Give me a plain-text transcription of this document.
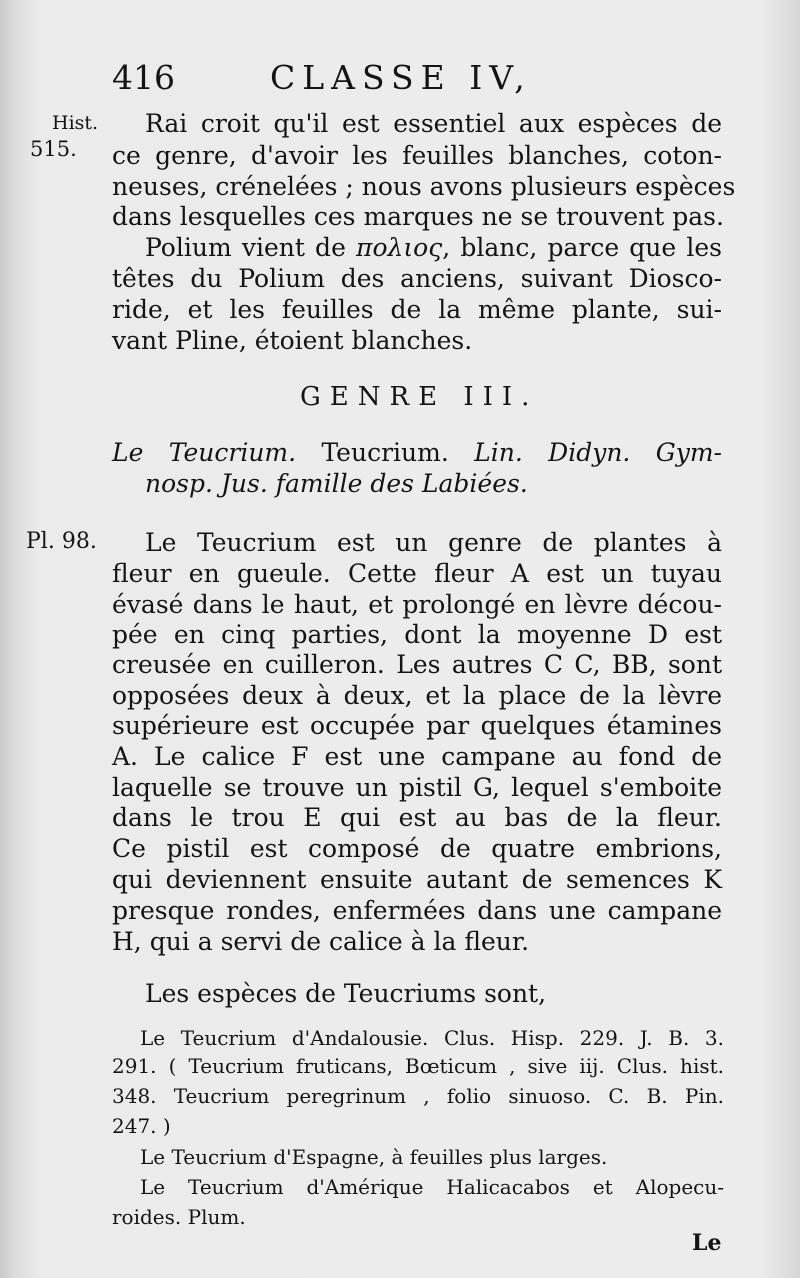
416	CLASSE IV,
Hist.
515.
Pl. 98.
Rai croit qu'il est essentiel aux espèces de
ce genre, d'avoir les feuilles blanches, coton-
neuses, crénelées ; nous avons plusieurs espèces
dans lesquelles ces marques ne se trouvent pas.
Polium vient de πολιος, blanc, parce que les
têtes du Polium des anciens, suivant Dioscо-
ride, et les feuilles de la même plante, sui-
vant Pline, étoient blanches.
GENRE III.
Le Teucrium. Teucrium. Lin. Didyn. Gym-
nosp. Jus. famille des Labiées.
Le Teucrium est un genre de plantes à
fleur en gueule. Cette fleur A est un tuyau
évasé dans le haut, et prolongé en lèvre décou-
pée en cinq parties, dont la moyenne D est
creusée en cuilleron. Les autres C C, BB, sont
opposées deux à deux, et la place de la lèvre
supérieure est occupée par quelques étamines
A. Le calice F est une campane au fond de
laquelle se trouve un pistil G, lequel s'emboite
dans le trou E qui est au bas de la fleur.
Ce pistil est composé de quatre embrions,
qui deviennent ensuite autant de semences K
presque rondes, enfermées dans une campane
H, qui a servi de calice à la fleur.
Les espèces de Teucriums sont,
Le Teucrium d'Andalousie. Clus. Hisp. 229. J. B. 3.
291. ( Teucrium fruticans, Bœticum , sive iij. Clus. hist.
348. Teucrium peregrinum , folio sinuoso. C. B. Pin.
247. )
Le Teucrium d'Espagne, à feuilles plus larges.
Le Teucrium d'Amérique Halicacabos et Alopecu-
roides. Plum.
Le
